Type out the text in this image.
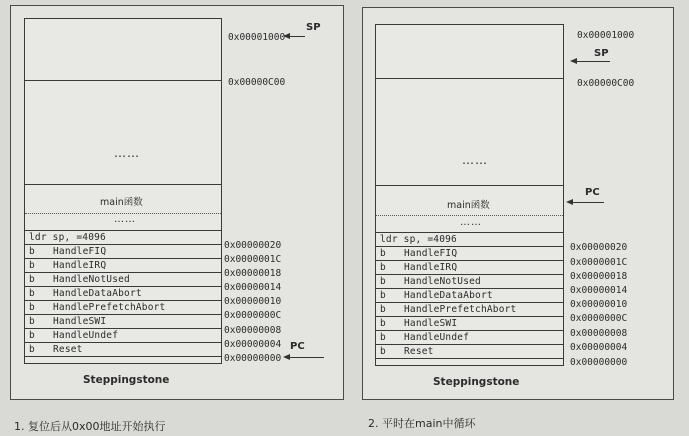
……
main函数
……
ldr sp, =4096
b HandleFIQ
b HandleIRQ
b HandleNotUsed
b HandleDataAbort
b HandlePrefetchAbort
b HandleSWI
b HandleUndef
b Reset
Steppingstone
0x00001000
0x00000C00
0x00000020
0x0000001C
0x00000018
0x00000014
0x00000010
0x0000000C
0x00000008
0x00000004
0x00000000
SP
PC
1. 复位后从0x00地址开始执行
……
main函数
……
ldr sp, =4096
b HandleFIQ
b HandleIRQ
b HandleNotUsed
b HandleDataAbort
b HandlePrefetchAbort
b HandleSWI
b HandleUndef
b Reset
Steppingstone
0x00001000
0x00000C00
0x00000020
0x0000001C
0x00000018
0x00000014
0x00000010
0x0000000C
0x00000008
0x00000004
0x00000000
SP
PC
2. 平时在main中循环
